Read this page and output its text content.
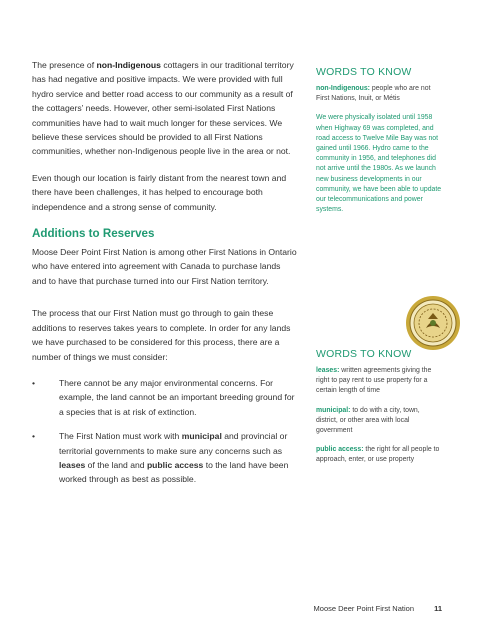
The presence of non-Indigenous cottagers in our traditional territory has had negative and positive impacts. We were provided with full hydro service and better road access to our community as a result of the cottagers’ needs. However, other semi-isolated First Nations communities have had to wait much longer for these services. We believe these services should be provided to all First Nations communities, whether non-Indigenous people live in the area or not.

Even though our location is fairly distant from the nearest town and there have been challenges, it has helped to encourage both independence and a strong sense of community.

Additions to Reserves

Moose Deer Point First Nation is among other First Nations in Ontario who have entered into agreement with Canada to purchase lands and to have that purchase turned into our First Nation territory.

The process that our First Nation must go through to gain these additions to reserves takes years to complete. In order for any lands we have purchased to be considered for this process, there are a number of things we must consider:

•	There cannot be any major environmental concerns. For example, the land cannot be an important breeding ground for a species that is at risk of extinction.
•	The First Nation must work with municipal and provincial or territorial governments to make sure any concerns such as leases of the land and public access to the land have been worked through as best as possible.
WORDS TO KNOW
non-Indigenous: people who are not First Nations, Inuit, or Métis

We were physically isolated until 1958 when Highway 69 was completed, and road access to Twelve Mile Bay was not gained until 1966. Hydro came to the community in 1956, and telephones did not arrive until the 1980s. As we launch new business developments in our community, we have been able to update our telecommunications and power systems.

WORDS TO KNOW
leases: written agreements giving the right to pay rent to use property for a certain length of time
municipal: to do with a city, town, district, or other area with local government
public access: the right for all people to approach, enter, or use property
Moose Deer Point First Nation	11
